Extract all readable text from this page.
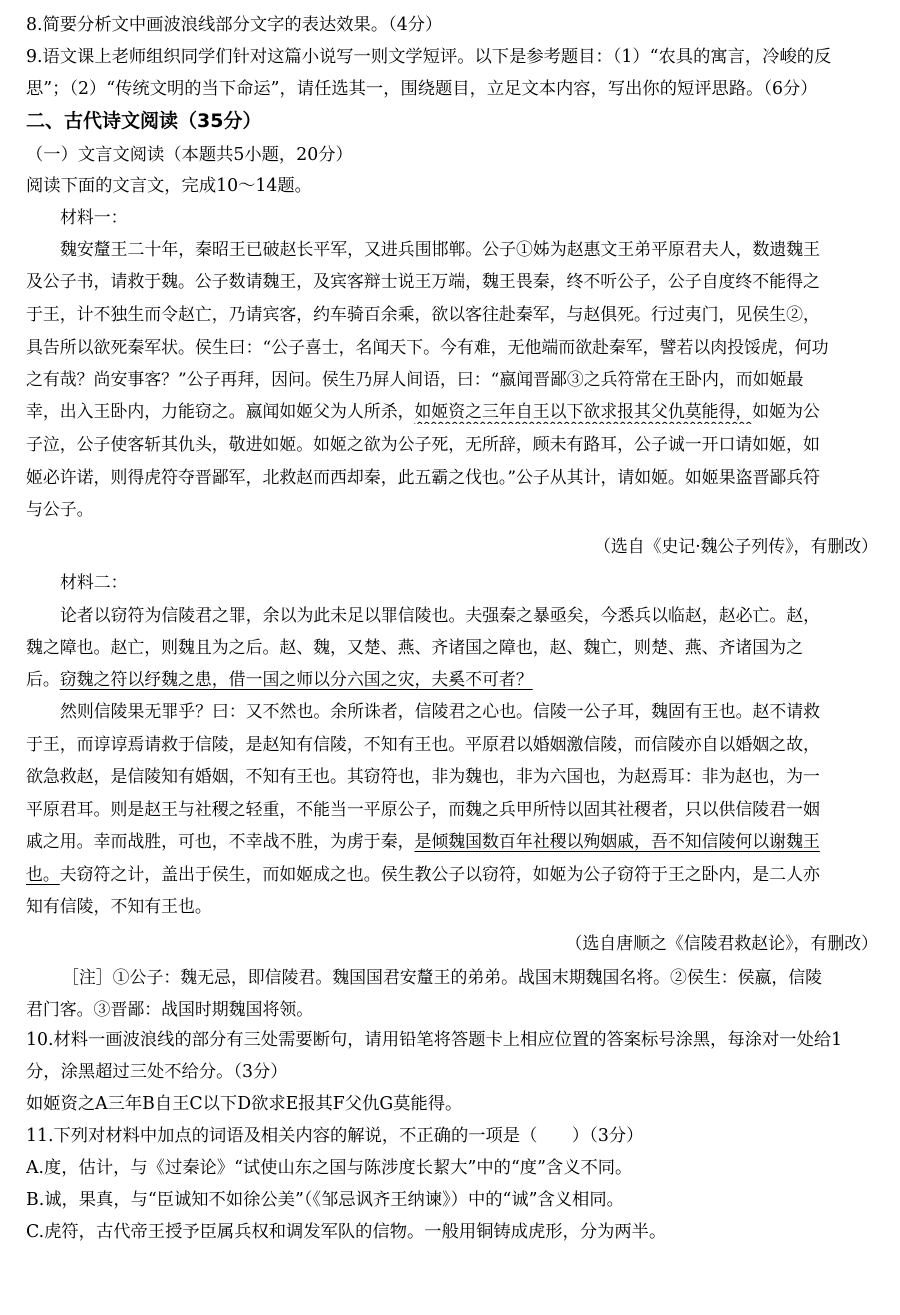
8.简要分析文中画波浪线部分文字的表达效果。（4分）
9.语文课上老师组织同学们针对这篇小说写一则文学短评。以下是参考题目：（1）“农具的寓言，冷峻的反
思”；（2）“传统文明的当下命运”，请任选其一，围绕题目，立足文本内容，写出你的短评思路。（6分）
二、古代诗文阅读（35分）
（一）文言文阅读（本题共5小题，20分）
阅读下面的文言文，完成10～14题。
材料一：
魏安釐王二十年，秦昭王已破赵长平军，又进兵围邯郸。公子①姊为赵惠文王弟平原君夫人，数遗魏王
及公子书，请救于魏。公子数请魏王，及宾客辩士说王万端，魏王畏秦，终不听公子，公子自度终不能得之
于王，计不独生而令赵亡，乃请宾客，约车骑百余乘，欲以客往赴秦军，与赵俱死。行过夷门，见侯生②，
具告所以欲死秦军状。侯生曰：“公子喜士，名闻天下。今有难，无他端而欲赴秦军，譬若以肉投馁虎，何功
之有哉？尚安事客？”公子再拜，因问。侯生乃屏人间语，曰：“嬴闻晋鄙③之兵符常在王卧内，而如姬最
幸，出入王卧内，力能窃之。嬴闻如姬父为人所杀，如姬资之三年自王以下欲求报其父仇莫能得，如姬为公
子泣，公子使客斩其仇头，敬进如姬。如姬之欲为公子死，无所辞，顾未有路耳，公子诚一开口请如姬，如
姬必许诺，则得虎符夺晋鄙军，北救赵而西却秦，此五霸之伐也。”公子从其计，请如姬。如姬果盗晋鄙兵符
与公子。
（选自《史记·魏公子列传》，有删改）
材料二：
论者以窃符为信陵君之罪，余以为此未足以罪信陵也。夫强秦之暴亟矣，今悉兵以临赵，赵必亡。赵，
魏之障也。赵亡，则魏且为之后。赵、魏，又楚、燕、齐诸国之障也，赵、魏亡，则楚、燕、齐诸国为之
后。窃魏之符以纾魏之患，借一国之师以分六国之灾，夫奚不可者？
然则信陵果无罪乎？曰：又不然也。余所诛者，信陵君之心也。信陵一公子耳，魏固有王也。赵不请救
于王，而谆谆焉请救于信陵，是赵知有信陵，不知有王也。平原君以婚姻激信陵，而信陵亦自以婚姻之故，
欲急救赵，是信陵知有婚姻，不知有王也。其窃符也，非为魏也，非为六国也，为赵焉耳：非为赵也，为一
平原君耳。则是赵王与社稷之轻重，不能当一平原公子，而魏之兵甲所恃以固其社稷者，只以供信陵君一姻
戚之用。幸而战胜，可也，不幸战不胜，为虏于秦，是倾魏国数百年社稷以殉姻戚，吾不知信陵何以谢魏王
也。夫窃符之计，盖出于侯生，而如姬成之也。侯生教公子以窃符，如姬为公子窃符于王之卧内，是二人亦
知有信陵，不知有王也。
（选自唐顺之《信陵君救赵论》，有删改）
［注］①公子：魏无忌，即信陵君。魏国国君安釐王的弟弟。战国末期魏国名将。②侯生：侯嬴，信陵
君门客。③晋鄙：战国时期魏国将领。
10.材料一画波浪线的部分有三处需要断句，请用铅笔将答题卡上相应位置的答案标号涂黑，每涂对一处给1
分，涂黑超过三处不给分。（3分）
如姬资之A三年B自王C以下D欲求E报其F父仇G莫能得。
11.下列对材料中加点的词语及相关内容的解说，不正确的一项是（　　）（3分）
A.度，估计，与《过秦论》“试使山东之国与陈涉度长絜大”中的“度”含义不同。
B.诚，果真，与“臣诚知不如徐公美”（《邹忌讽齐王纳谏》）中的“诚”含义相同。
C.虎符，古代帝王授予臣属兵权和调发军队的信物。一般用铜铸成虎形，分为两半。
